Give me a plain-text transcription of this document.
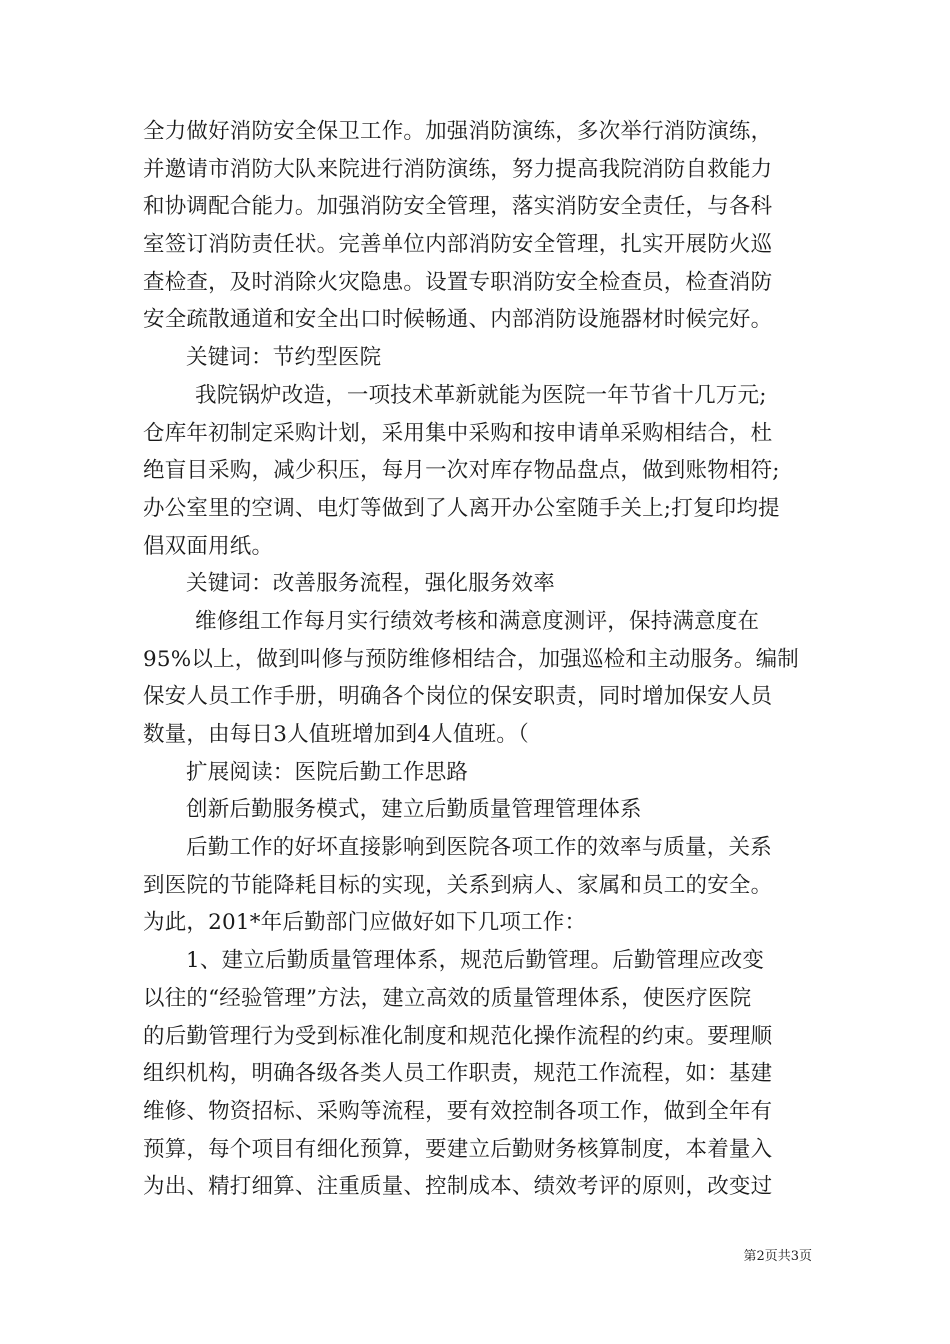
全力做好消防安全保卫工作。加强消防演练，多次举行消防演练，
并邀请市消防大队来院进行消防演练，努力提高我院消防自救能力
和协调配合能力。加强消防安全管理，落实消防安全责任，与各科
室签订消防责任状。完善单位内部消防安全管理，扎实开展防火巡
查检查，及时消除火灾隐患。设置专职消防安全检查员，检查消防
安全疏散通道和安全出口时候畅通、内部消防设施器材时候完好。
关键词：节约型医院
我院锅炉改造，一项技术革新就能为医院一年节省十几万元;
仓库年初制定采购计划，采用集中采购和按申请单采购相结合，杜
绝盲目采购，减少积压，每月一次对库存物品盘点，做到账物相符;
办公室里的空调、电灯等做到了人离开办公室随手关上;打复印均提
倡双面用纸。
关键词：改善服务流程，强化服务效率
维修组工作每月实行绩效考核和满意度测评，保持满意度在
95%以上，做到叫修与预防维修相结合，加强巡检和主动服务。编制
保安人员工作手册，明确各个岗位的保安职责，同时增加保安人员
数量，由每日3人值班增加到4人值班。（
扩展阅读：医院后勤工作思路
创新后勤服务模式，建立后勤质量管理管理体系
后勤工作的好坏直接影响到医院各项工作的效率与质量，关系
到医院的节能降耗目标的实现，关系到病人、家属和员工的安全。
为此，201*年后勤部门应做好如下几项工作：
1、建立后勤质量管理体系，规范后勤管理。后勤管理应改变
以往的“经验管理”方法，建立高效的质量管理体系，使医疗医院
的后勤管理行为受到标准化制度和规范化操作流程的约束。要理顺
组织机构，明确各级各类人员工作职责，规范工作流程，如：基建
维修、物资招标、采购等流程，要有效控制各项工作，做到全年有
预算，每个项目有细化预算，要建立后勤财务核算制度，本着量入
为出、精打细算、注重质量、控制成本、绩效考评的原则，改变过
第2页共3页
